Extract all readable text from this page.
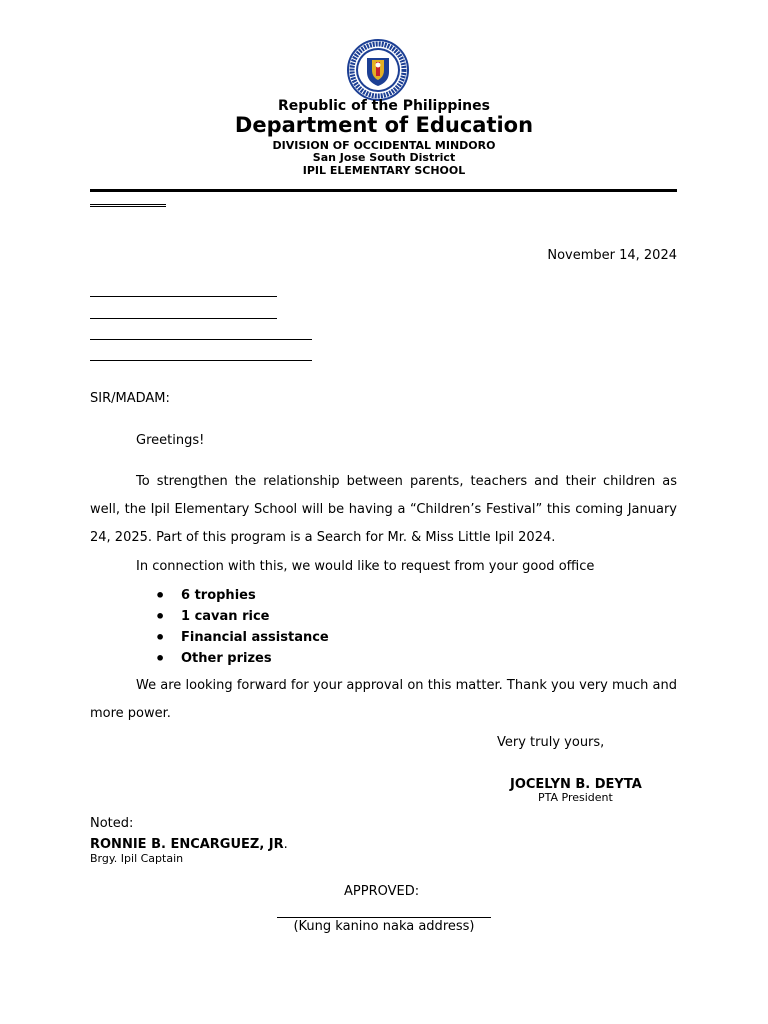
Republic of the Philippines
Department of Education
DIVISION OF OCCIDENTAL MINDORO
San Jose South District
IPIL ELEMENTARY SCHOOL
November 14, 2024
SIR/MADAM:
Greetings!
To strengthen the relationship between parents, teachers and their children as well, the Ipil Elementary School will be having a “Children’s Festival” this coming January 24, 2025. Part of this program is a Search for Mr. & Miss Little Ipil 2024.
In connection with this, we would like to request from your good office
• 6 trophies
• 1 cavan rice
• Financial assistance
• Other prizes
We are looking forward for your approval on this matter. Thank you very much and more power.
Very truly yours,
JOCELYN B. DEYTA
PTA President
Noted:
RONNIE B. ENCARGUEZ, JR.
Brgy. Ipil Captain
APPROVED:
(Kung kanino naka address)
